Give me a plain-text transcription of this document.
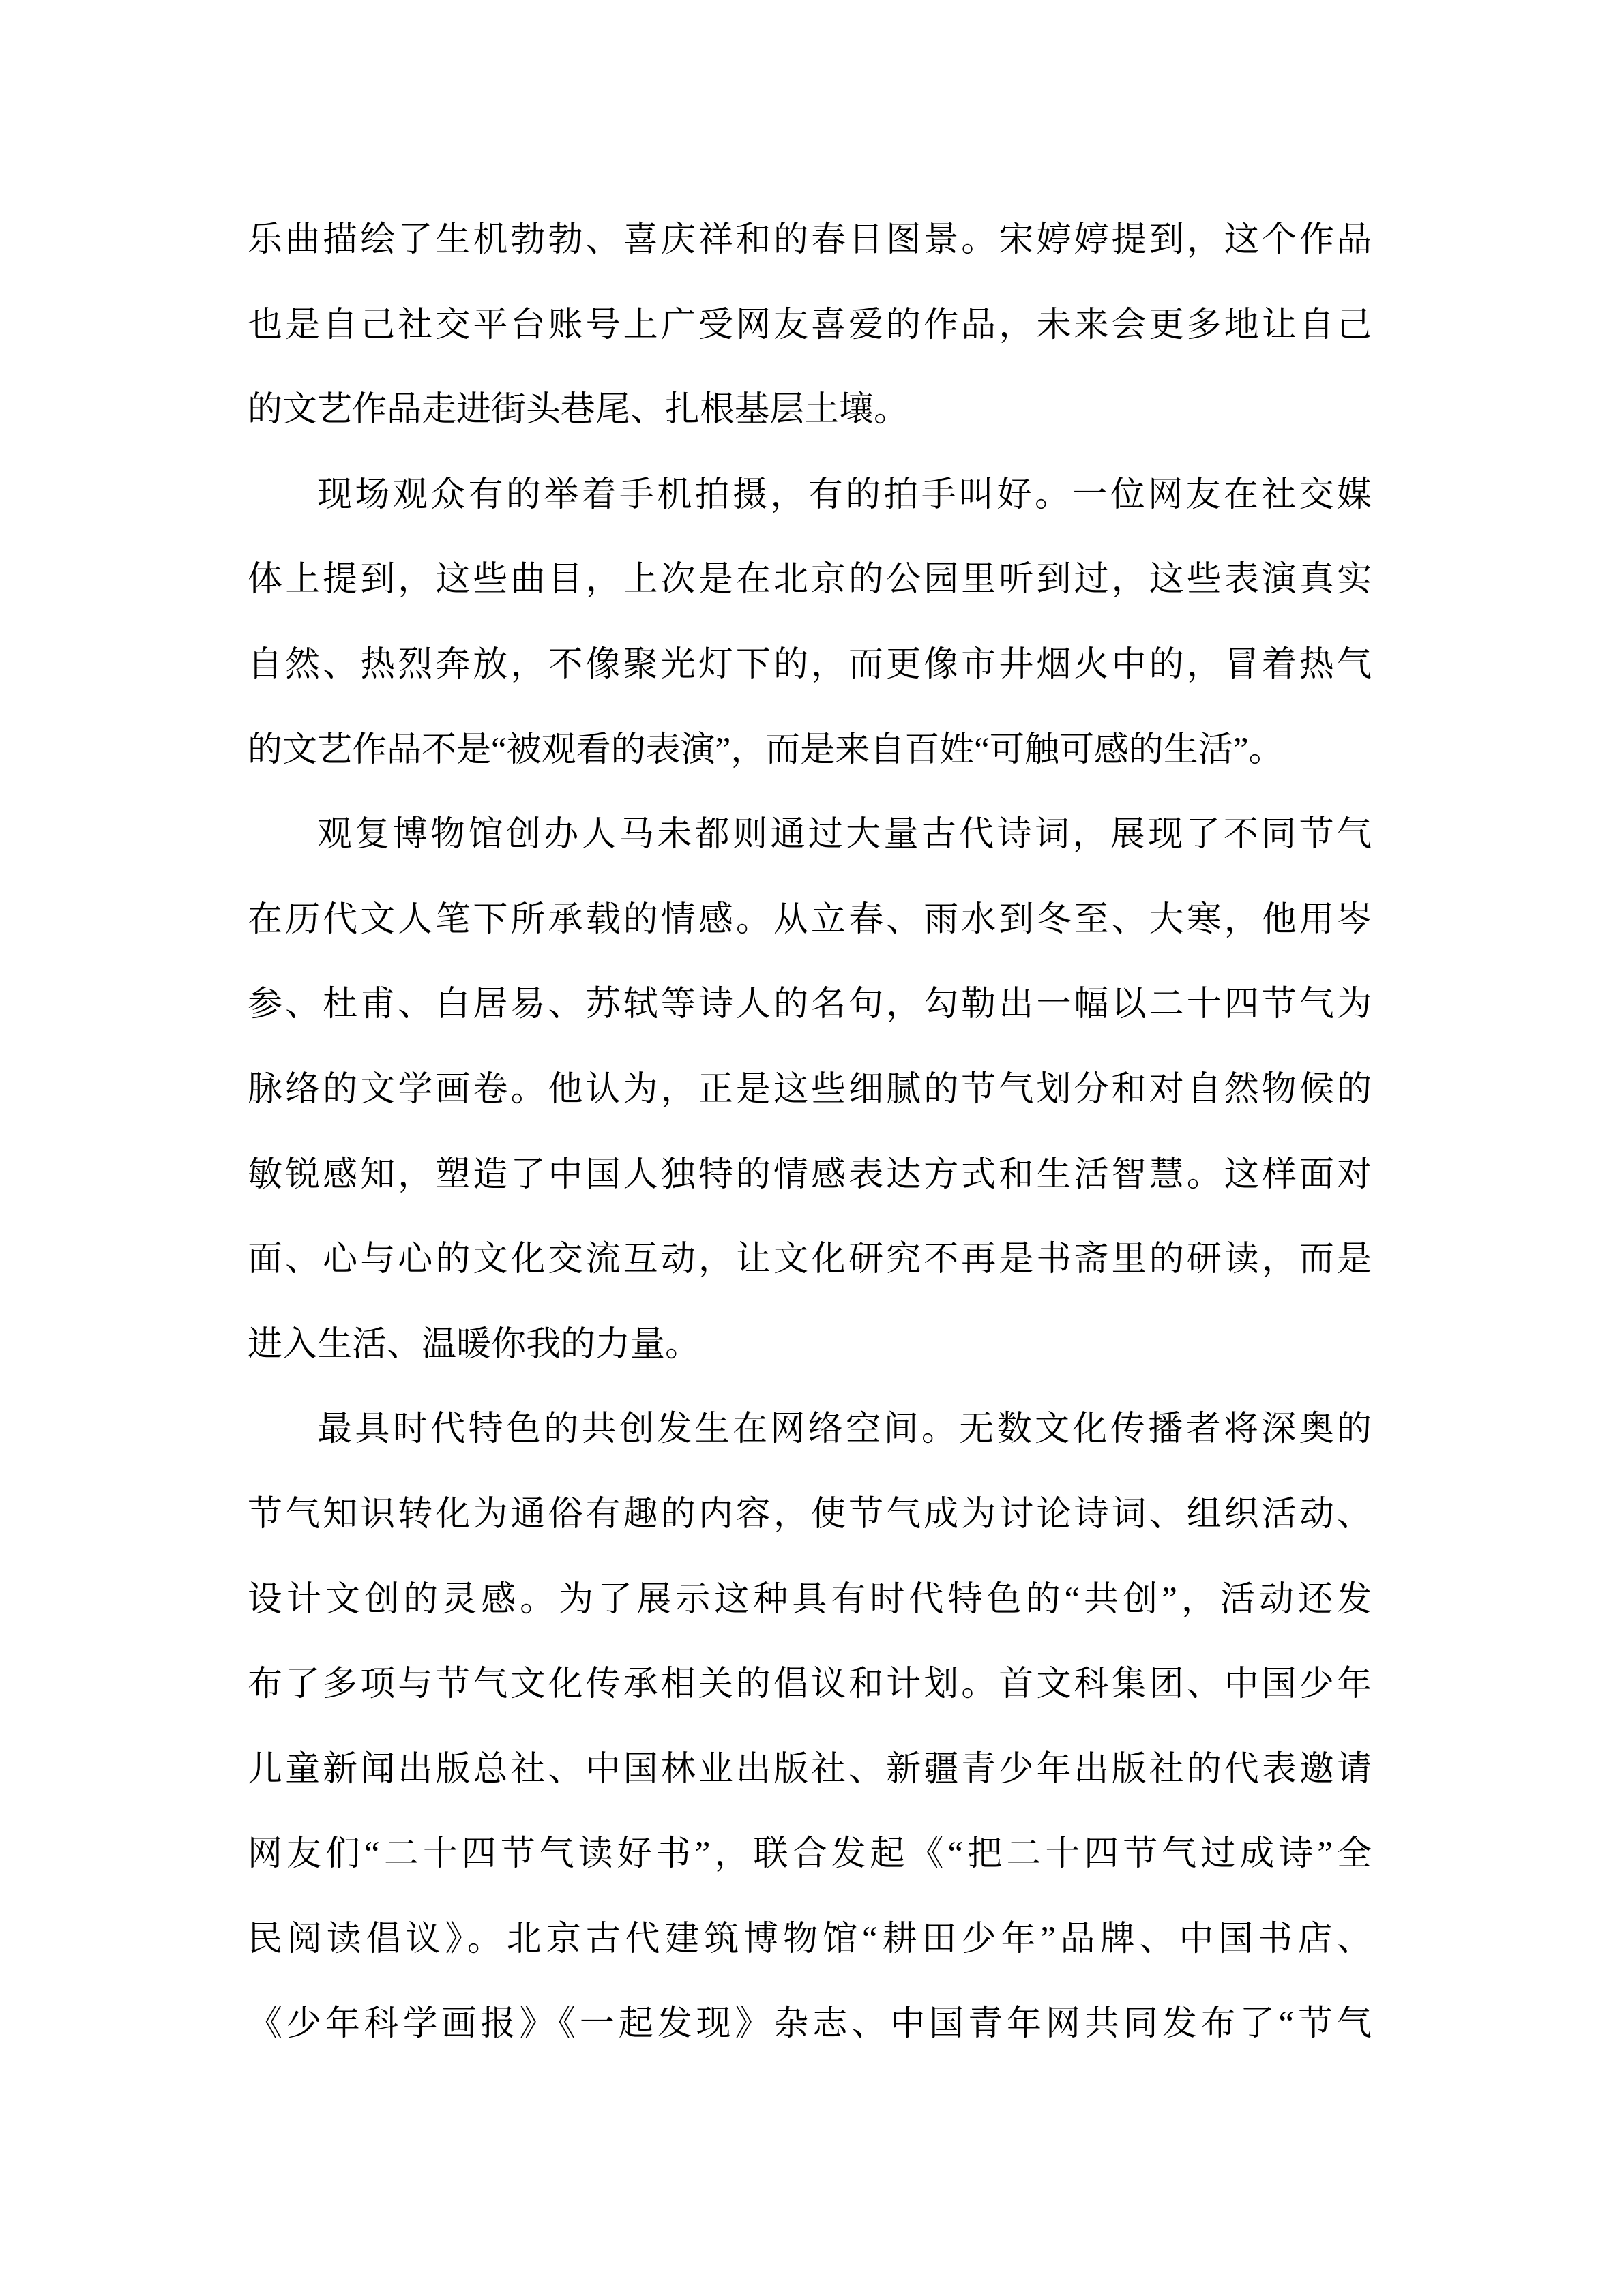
乐曲描绘了生机勃勃、喜庆祥和的春日图景。宋婷婷提到，这个作品
也是自己社交平台账号上广受网友喜爱的作品，未来会更多地让自己
的文艺作品走进街头巷尾、扎根基层土壤。
现场观众有的举着手机拍摄，有的拍手叫好。一位网友在社交媒
体上提到，这些曲目，上次是在北京的公园里听到过，这些表演真实
自然、热烈奔放，不像聚光灯下的，而更像市井烟火中的，冒着热气
的文艺作品不是“被观看的表演”，而是来自百姓“可触可感的生活”。
观复博物馆创办人马未都则通过大量古代诗词，展现了不同节气
在历代文人笔下所承载的情感。从立春、雨水到冬至、大寒，他用岑
参、杜甫、白居易、苏轼等诗人的名句，勾勒出一幅以二十四节气为
脉络的文学画卷。他认为，正是这些细腻的节气划分和对自然物候的
敏锐感知，塑造了中国人独特的情感表达方式和生活智慧。这样面对
面、心与心的文化交流互动，让文化研究不再是书斋里的研读，而是
进入生活、温暖你我的力量。
最具时代特色的共创发生在网络空间。无数文化传播者将深奥的
节气知识转化为通俗有趣的内容，使节气成为讨论诗词、组织活动、
设计文创的灵感。为了展示这种具有时代特色的“共创”，活动还发
布了多项与节气文化传承相关的倡议和计划。首文科集团、中国少年
儿童新闻出版总社、中国林业出版社、新疆青少年出版社的代表邀请
网友们“二十四节气读好书”，联合发起《“把二十四节气过成诗”全
民阅读倡议》。北京古代建筑博物馆“耕田少年”品牌、中国书店、
《少年科学画报》《一起发现》杂志、中国青年网共同发布了“节气
